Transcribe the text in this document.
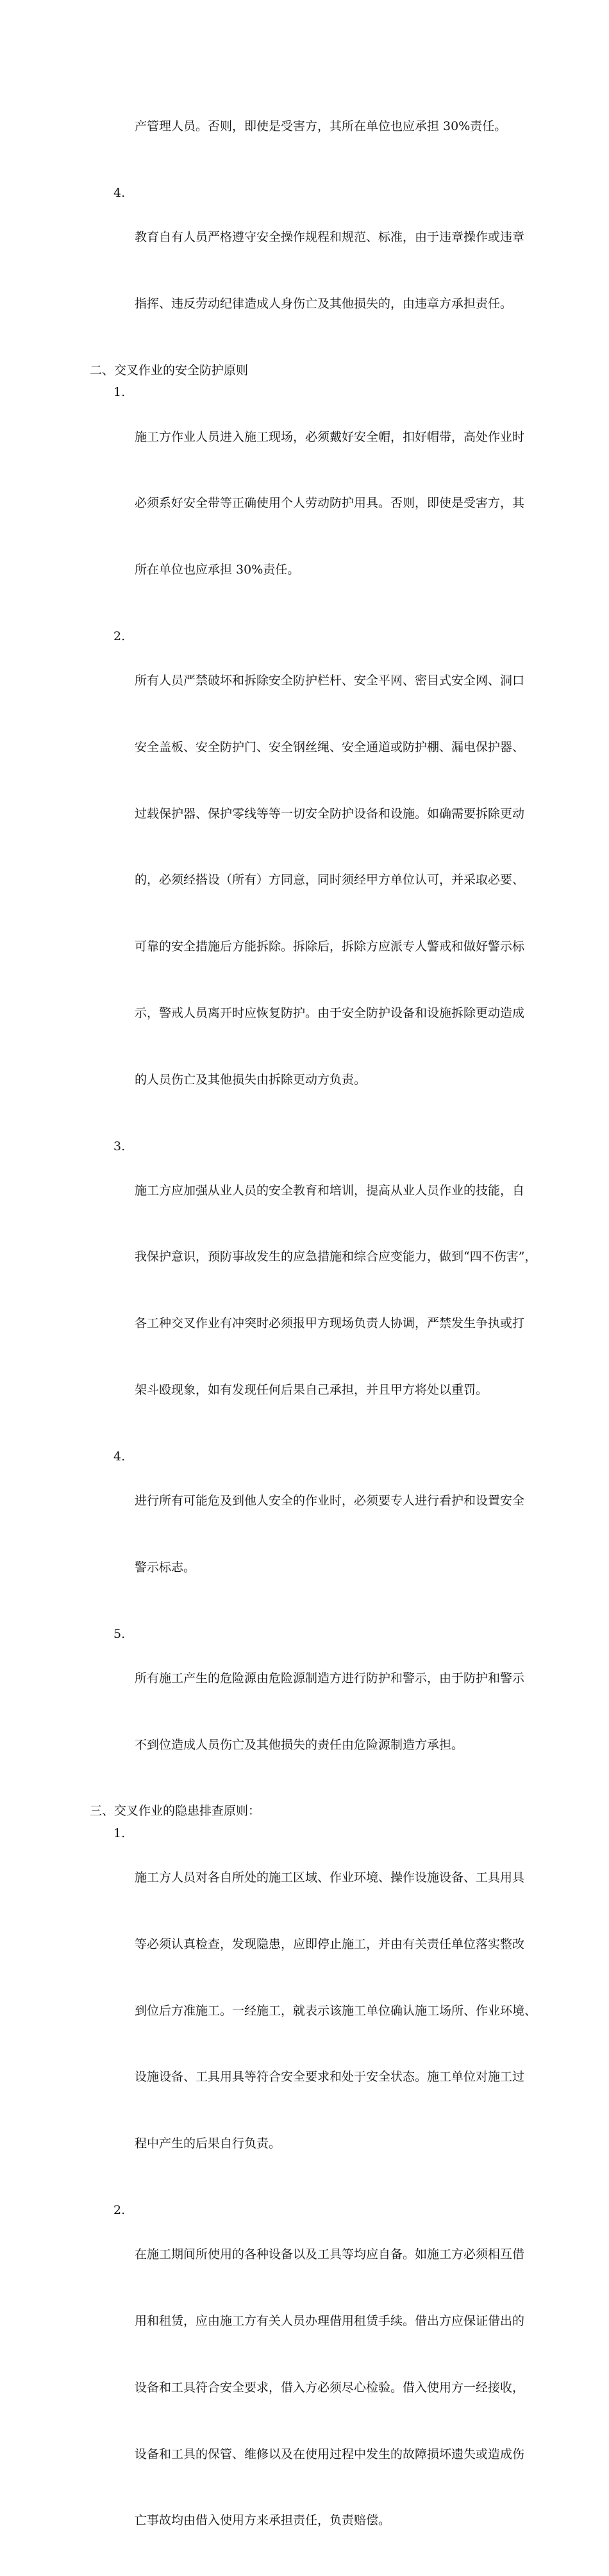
产管理人员。否则，即使是受害方，其所在单位也应承担 30%责任。

4.

教育自有人员严格遵守安全操作规程和规范、标准，由于违章操作或违章

指挥、违反劳动纪律造成人身伤亡及其他损失的，由违章方承担责任。

二、交叉作业的安全防护原则
1.

施工方作业人员进入施工现场，必须戴好安全帽，扣好帽带，高处作业时

必须系好安全带等正确使用个人劳动防护用具。否则，即使是受害方，其

所在单位也应承担 30%责任。

2.

所有人员严禁破坏和拆除安全防护栏杆、安全平网、密目式安全网、洞口

安全盖板、安全防护门、安全钢丝绳、安全通道或防护棚、漏电保护器、

过载保护器、保护零线等等一切安全防护设备和设施。如确需要拆除更动

的，必须经搭设（所有）方同意，同时须经甲方单位认可，并采取必要、

可靠的安全措施后方能拆除。拆除后，拆除方应派专人警戒和做好警示标

示，警戒人员离开时应恢复防护。由于安全防护设备和设施拆除更动造成

的人员伤亡及其他损失由拆除更动方负责。

3.

施工方应加强从业人员的安全教育和培训，提高从业人员作业的技能，自

我保护意识，预防事故发生的应急措施和综合应变能力，做到“四不伤害”，

各工种交叉作业有冲突时必须报甲方现场负责人协调，严禁发生争执或打

架斗殴现象，如有发现任何后果自己承担，并且甲方将处以重罚。

4.

进行所有可能危及到他人安全的作业时，必须要专人进行看护和设置安全

警示标志。

5.

所有施工产生的危险源由危险源制造方进行防护和警示，由于防护和警示

不到位造成人员伤亡及其他损失的责任由危险源制造方承担。

三、交叉作业的隐患排查原则：
1.

施工方人员对各自所处的施工区域、作业环境、操作设施设备、工具用具

等必须认真检查，发现隐患，应即停止施工，并由有关责任单位落实整改

到位后方准施工。一经施工，就表示该施工单位确认施工场所、作业环境、

设施设备、工具用具等符合安全要求和处于安全状态。施工单位对施工过

程中产生的后果自行负责。

2.

在施工期间所使用的各种设备以及工具等均应自备。如施工方必须相互借

用和租赁，应由施工方有关人员办理借用租赁手续。借出方应保证借出的

设备和工具符合安全要求，借入方必须尽心检验。借入使用方一经接收，

设备和工具的保管、维修以及在使用过程中发生的故障损坏遗失或造成伤

亡事故均由借入使用方来承担责任，负责赔偿。
